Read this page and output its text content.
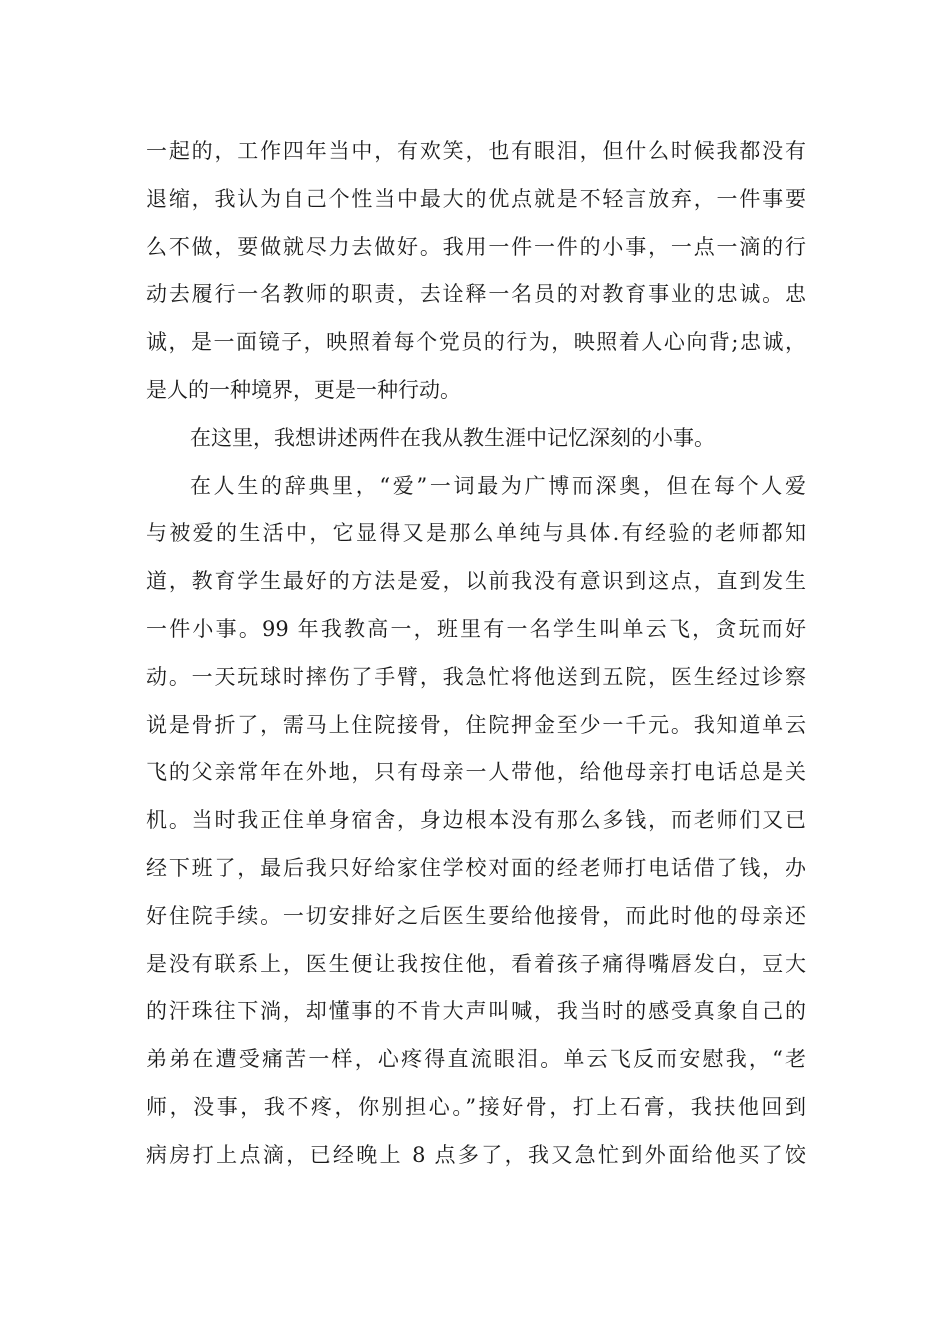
一起的，工作四年当中，有欢笑，也有眼泪，但什么时候我都没有
退缩，我认为自己个性当中最大的优点就是不轻言放弃，一件事要
么不做，要做就尽力去做好。我用一件一件的小事，一点一滴的行
动去履行一名教师的职责，去诠释一名员的对教育事业的忠诚。忠
诚，是一面镜子，映照着每个党员的行为，映照着人心向背;忠诚，
是人的一种境界，更是一种行动。
在这里，我想讲述两件在我从教生涯中记忆深刻的小事。
在人生的辞典里，“爱”一词最为广博而深奥，但在每个人爱
与被爱的生活中，它显得又是那么单纯与具体.有经验的老师都知
道，教育学生最好的方法是爱，以前我没有意识到这点，直到发生
一件小事。99 年我教高一，班里有一名学生叫单云飞，贪玩而好
动。一天玩球时摔伤了手臂，我急忙将他送到五院，医生经过诊察
说是骨折了，需马上住院接骨，住院押金至少一千元。我知道单云
飞的父亲常年在外地，只有母亲一人带他，给他母亲打电话总是关
机。当时我正住单身宿舍，身边根本没有那么多钱，而老师们又已
经下班了，最后我只好给家住学校对面的经老师打电话借了钱，办
好住院手续。一切安排好之后医生要给他接骨，而此时他的母亲还
是没有联系上，医生便让我按住他，看着孩子痛得嘴唇发白，豆大
的汗珠往下淌，却懂事的不肯大声叫喊，我当时的感受真象自己的
弟弟在遭受痛苦一样，心疼得直流眼泪。单云飞反而安慰我，“老
师，没事，我不疼，你别担心。”接好骨，打上石膏，我扶他回到
病房打上点滴，已经晚上 8 点多了，我又急忙到外面给他买了饺
